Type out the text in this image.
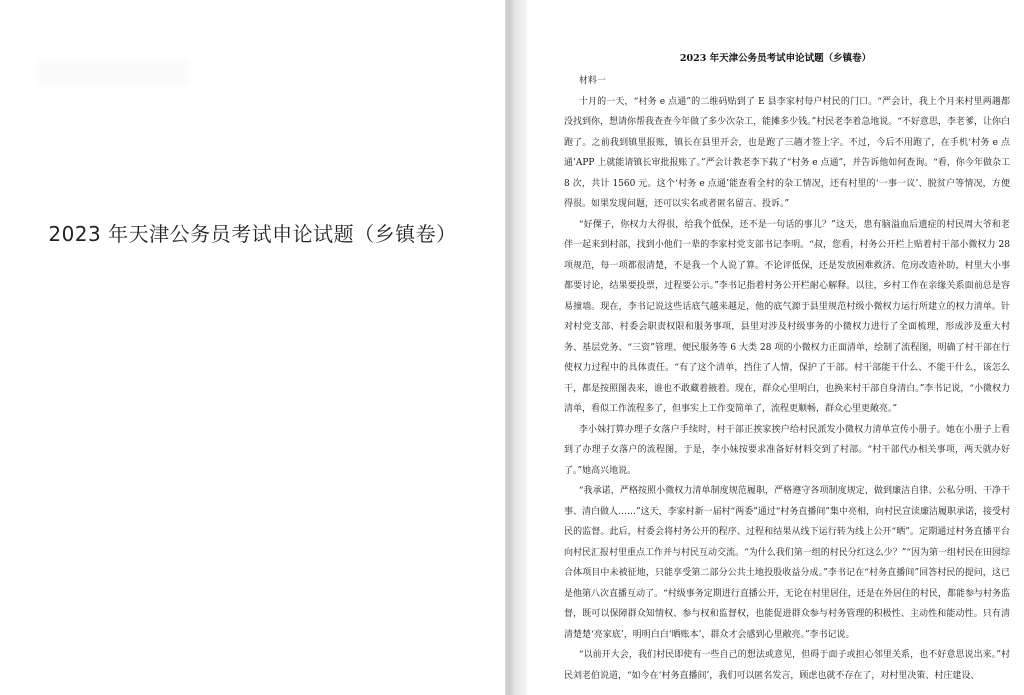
2023 年天津公务员考试申论试题（乡镇卷）
2023 年天津公务员考试申论试题（乡镇卷）

材料一

十月的一天，“村务 e 点通”的二维码贴到了 E 县李家村每户村民的门口。“严会计，我上个月来村里两趟都没找到你，想请你帮我查查今年做了多少次杂工，能摊多少钱。”村民老李着急地说。“不好意思，李老爹，让你白跑了。之前我到镇里报账，镇长在县里开会，也是跑了三趟才签上字。不过，今后不用跑了，在手机‘村务 e 点通’APP 上就能请镇长审批报账了。”严会计教老李下载了“村务 e 点通”，并告诉他如何查询。“看，你今年做杂工 8 次，共计 1560 元。这个‘村务 e 点通’能查看全村的杂工情况，还有村里的‘一事一议’、脱贫户等情况，方便得很。如果发现问题，还可以实名或者匿名留言、投诉。”

“好僳子，你权力大得很，给我个低保，还不是一句话的事儿？”这天，患有脑溢血后遗症的村民周大爷和老伴一起来到村部，找到小他们一辈的李家村党支部书记李明。“叔，您看，村务公开栏上贴着村干部小微权力 28 项规范，每一项都很清楚，不是我一个人说了算。不论评低保，还是发放困难救济、危房改造补助，村里大小事都要讨论，结果要投票，过程要公示。”李书记指着村务公开栏耐心解释。以往，乡村工作在亲缘关系面前总是容易撞墙。现在，李书记说这些话底气越来越足，他的底气源于县里规范村级小微权力运行所建立的权力清单。针对村党支部、村委会职责权限和服务事项，县里对涉及村级事务的小微权力进行了全面梳理，形成涉及重大村务、基层党务、“三资”管理、便民服务等 6 大类 28 项的小微权力正面清单，绘制了流程图，明确了村干部在行使权力过程中的具体责任。“有了这个清单，挡住了人情，保护了干部。村干部能干什么、不能干什么，该怎么干，都是按照图表来，谁也不敢藏着掖着。现在，群众心里明白，也换来村干部自身清白。”李书记说，“小微权力清单，看似工作流程多了，但事实上工作变简单了，流程更顺畅，群众心里更敞亮。”

李小妹打算办理子女落户手续时，村干部正挨家挨户给村民派发小微权力清单宣传小册子。她在小册子上看到了办理子女落户的流程图，于是，李小妹按要求准备好材料交到了村部。“村干部代办相关事项，两天就办好了。”她高兴地说。

“我承诺，严格按照小微权力清单制度规范履职，严格遵守各项制度规定，做到廉洁自律、公私分明、干净干事、清白做人……”这天，李家村新一届村“两委”通过“村务直播间”集中亮相，向村民宣读廉洁履职承诺，接受村民的监督。此后，村委会将村务公开的程序、过程和结果从线下运行转为线上公开“晒”。定期通过村务直播平台向村民汇报村里重点工作并与村民互动交流。“为什么我们第一组的村民分红这么少？”“因为第一组村民在田园综合体项目中未被征地，只能享受第二部分公共土地投股收益分成。”李书记在“村务直播间”回答村民的提问，这已是他第八次直播互动了。“村级事务定期进行直播公开，无论在村里居住，还是在外居住的村民，都能参与村务监督，既可以保障群众知情权、参与权和监督权，也能促进群众参与村务管理的积极性、主动性和能动性。只有清清楚楚‘亮家底’，明明白白‘晒账本’，群众才会感到心里敞亮。”李书记说。

“以前开大会，我们村民即使有一些自己的想法或意见，但碍于面子或担心邻里关系，也不好意思说出来。”村民刘老伯说道，“如今在‘村务直播间’，我们可以匿名发言，顾虑也就不存在了，对村里决策、村庄建设、
